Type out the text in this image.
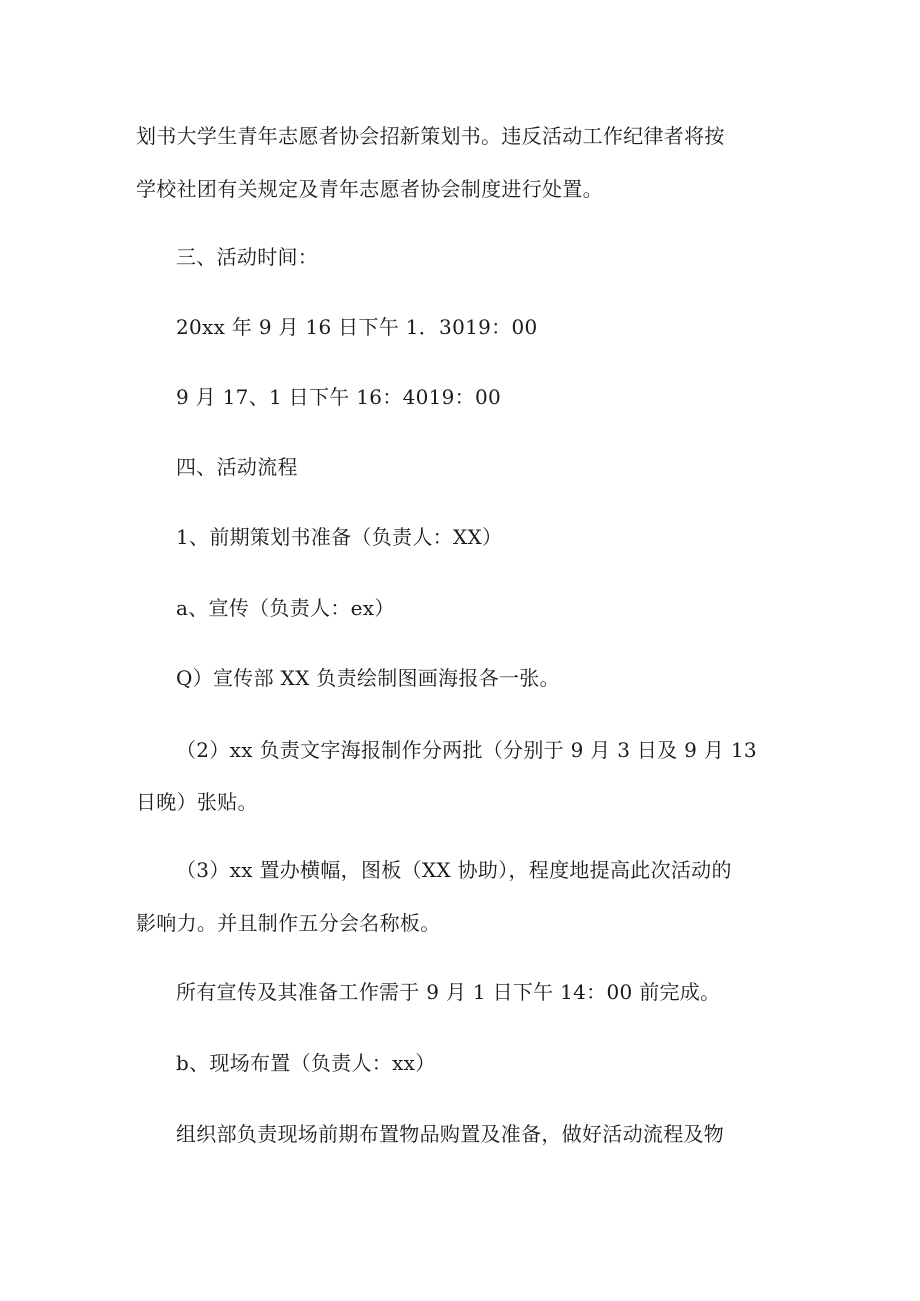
划书大学生青年志愿者协会招新策划书。违反活动工作纪律者将按
学校社团有关规定及青年志愿者协会制度进行处置。
三、活动时间：
20xx 年 9 月 16 日下午 1．3019：00
9 月 17、1 日下午 16：4019：00
四、活动流程
1、前期策划书准备（负责人：XX）
a、宣传（负责人：ex）
Q）宣传部 XX 负责绘制图画海报各一张。
（2）xx 负责文字海报制作分两批（分别于 9 月 3 日及 9 月 13
日晚）张贴。
（3）xx 置办横幅，图板（XX 协助），程度地提高此次活动的
影响力。并且制作五分会名称板。
所有宣传及其准备工作需于 9 月 1 日下午 14：00 前完成。
b、现场布置（负责人：xx）
组织部负责现场前期布置物品购置及准备，做好活动流程及物
